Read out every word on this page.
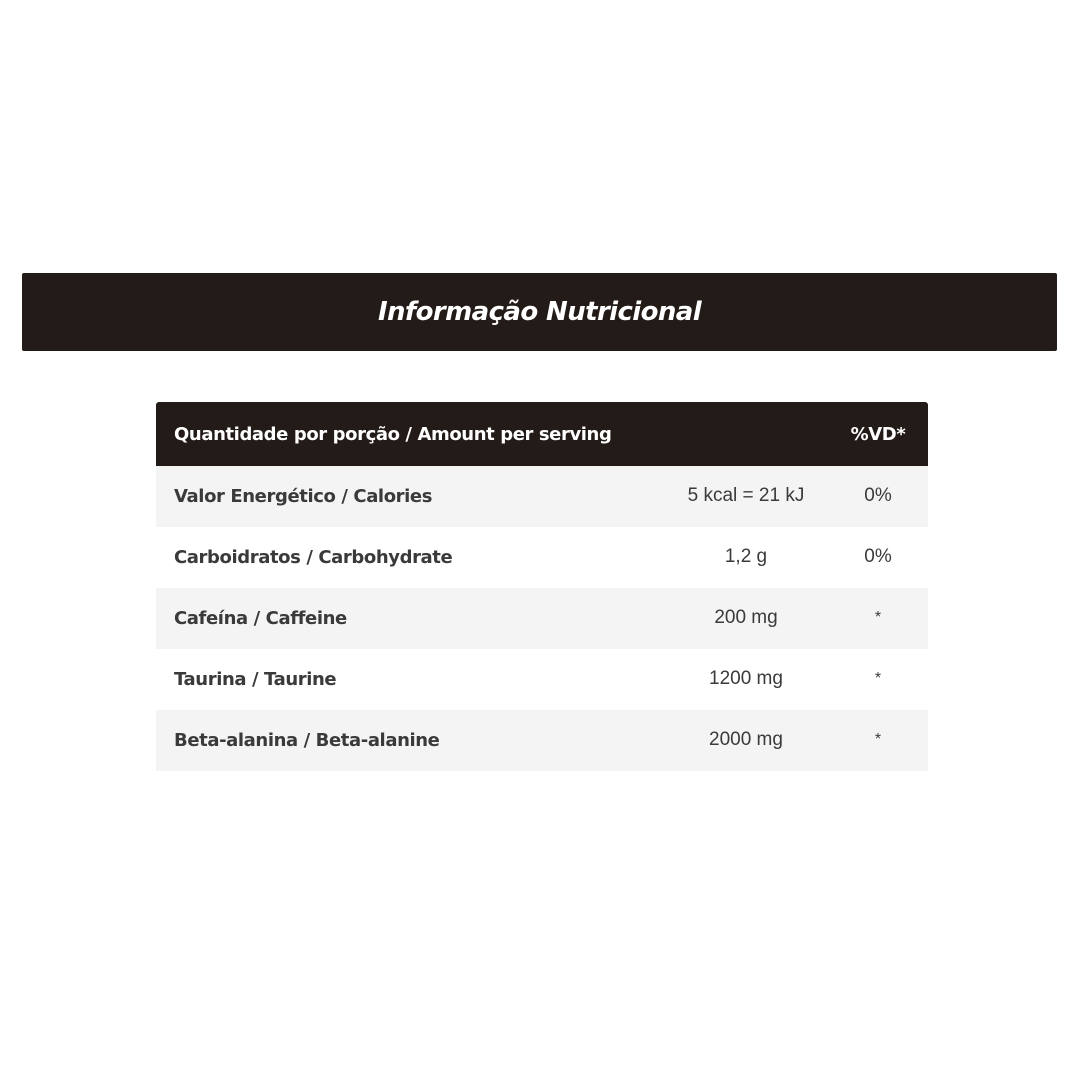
Informação Nutricional
Quantidade por porção / Amount per serving	%VD*
Valor Energético / Calories	5 kcal = 21 kJ	0%
Carboidratos / Carbohydrate	1,2 g	0%
Cafeína / Caffeine	200 mg	*
Taurina / Taurine	1200 mg	*
Beta-alanina / Beta-alanine	2000 mg	*
